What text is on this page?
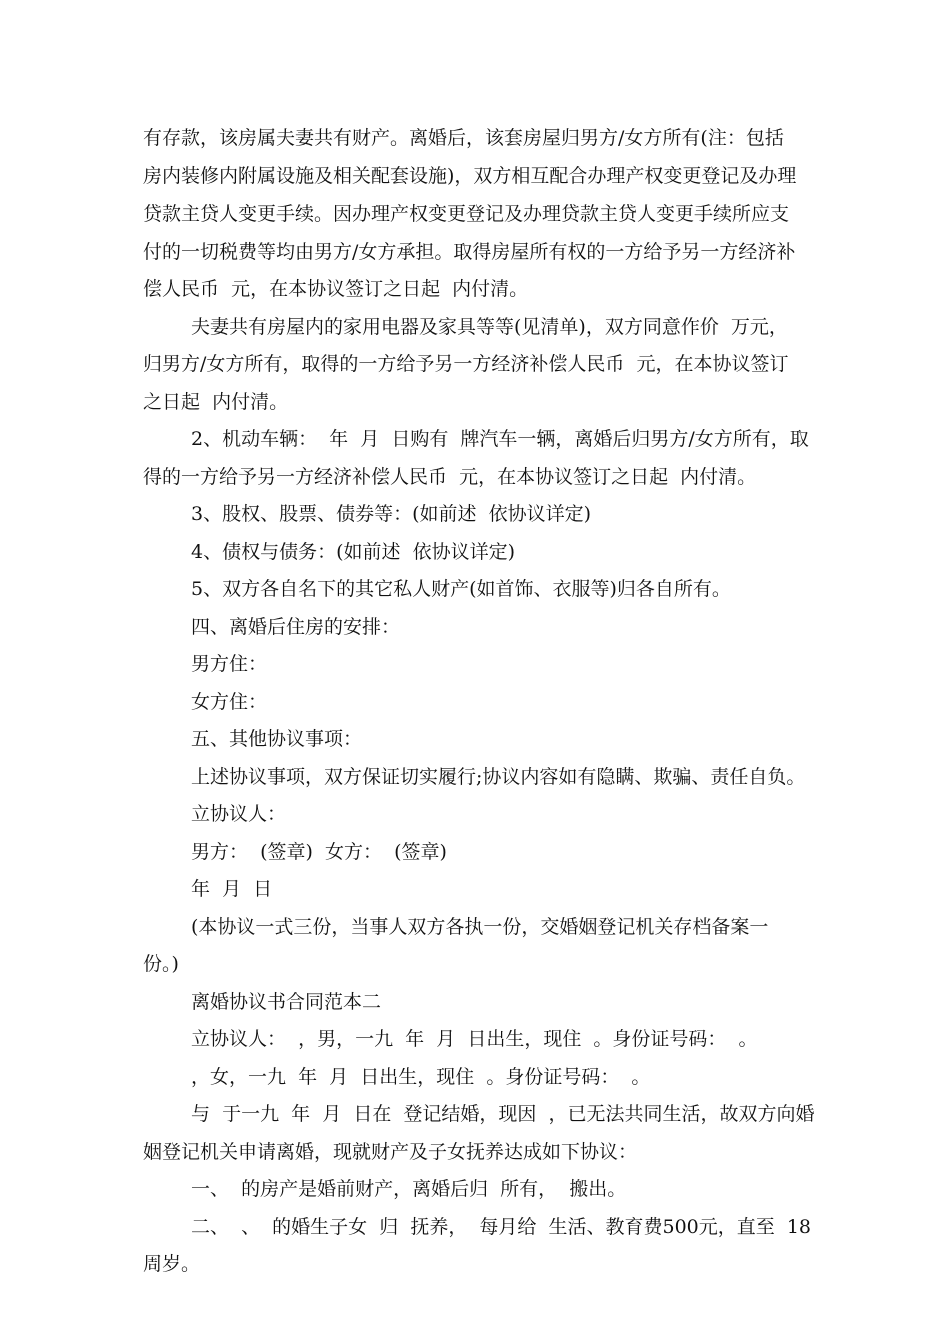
有存款，该房属夫妻共有财产。离婚后，该套房屋归男方/女方所有(注：包括
房内装修内附属设施及相关配套设施)，双方相互配合办理产权变更登记及办理
贷款主贷人变更手续。因办理产权变更登记及办理贷款主贷人变更手续所应支
付的一切税费等均由男方/女方承担。取得房屋所有权的一方给予另一方经济补
偿人民币  元，在本协议签订之日起  内付清。
夫妻共有房屋内的家用电器及家具等等(见清单)，双方同意作价  万元，
归男方/女方所有，取得的一方给予另一方经济补偿人民币  元，在本协议签订
之日起  内付清。
2、机动车辆：  年  月  日购有  牌汽车一辆，离婚后归男方/女方所有，取
得的一方给予另一方经济补偿人民币  元，在本协议签订之日起  内付清。
3、股权、股票、债券等：(如前述  依协议详定)
4、债权与债务：(如前述  依协议详定)
5、双方各自名下的其它私人财产(如首饰、衣服等)归各自所有。
四、离婚后住房的安排：
男方住：
女方住：
五、其他协议事项：
上述协议事项，双方保证切实履行;协议内容如有隐瞒、欺骗、责任自负。
立协议人：
男方：  (签章)  女方：  (签章)
年  月  日
(本协议一式三份，当事人双方各执一份，交婚姻登记机关存档备案一
份。)
离婚协议书合同范本二
立协议人：  ，男，一九  年  月  日出生，现住  。身份证号码：  。
，女，一九  年  月  日出生，现住  。身份证号码：  。
与  于一九  年  月  日在  登记结婚，现因  ，已无法共同生活，故双方向婚
姻登记机关申请离婚，现就财产及子女抚养达成如下协议：
一、  的房产是婚前财产，离婚后归  所有，  搬出。
二、  、  的婚生子女  归  抚养，  每月给  生活、教育费500元，直至  18
周岁。
